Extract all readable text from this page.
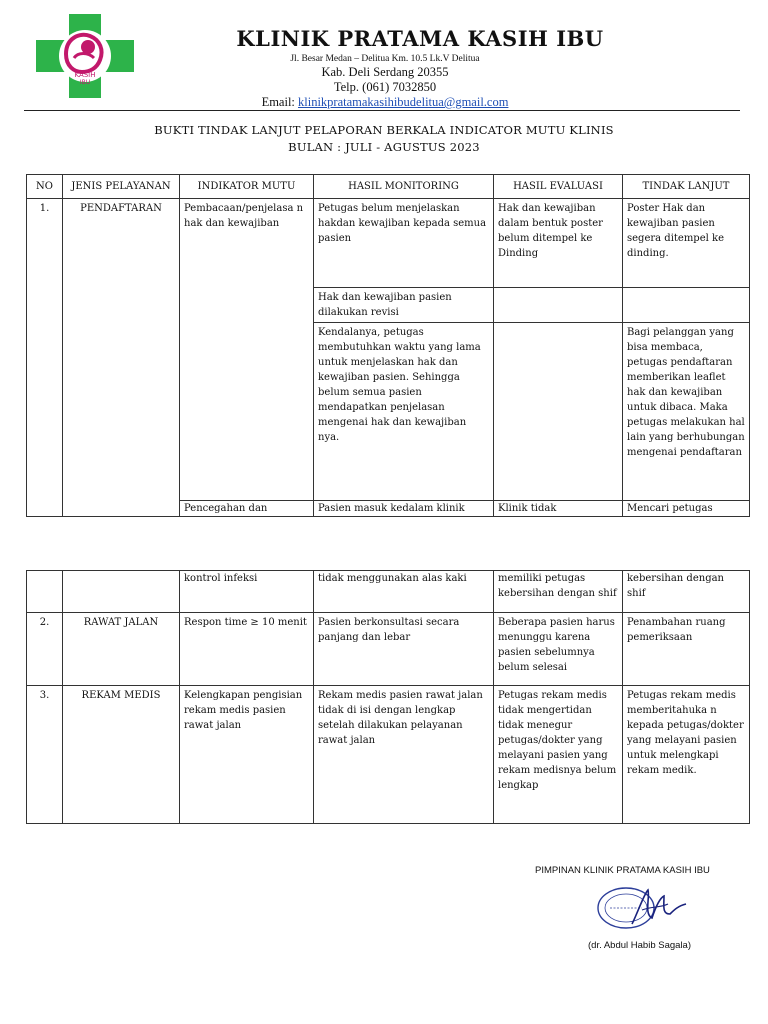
KASIH
IBU
KLINIK PRATAMA KASIH IBU
Jl. Besar Medan – Delitua Km. 10.5 Lk.V Delitua
Kab. Deli Serdang 20355
Telp. (061) 7032850
Email: klinikpratamakasihibudelitua@gmail.com
BUKTI TINDAK LANJUT PELAPORAN BERKALA INDICATOR MUTU KLINIS
BULAN : JULI - AGUSTUS 2023
NO	JENIS PELAYANAN	INDIKATOR MUTU	HASIL MONITORING	HASIL EVALUASI	TINDAK LANJUT
1.	PENDAFTARAN	Pembacaan/penjelasa n hak dan kewajiban	Petugas belum menjelaskan hakdan kewajiban kepada semua pasien	Hak dan kewajiban dalam bentuk poster belum ditempel ke Dinding	Poster Hak dan kewajiban pasien segera ditempel ke dinding.
			Hak dan kewajiban pasien dilakukan revisi		
			Kendalanya, petugas membutuhkan waktu yang lama untuk menjelaskan hak dan kewajiban pasien. Sehingga belum semua pasien mendapatkan penjelasan mengenai hak dan kewajiban nya.		Bagi pelanggan yang bisa membaca, petugas pendaftaran memberikan leaflet hak dan kewajiban untuk dibaca. Maka petugas melakukan hal lain yang berhubungan mengenai pendaftaran
		Pencegahan dan	Pasien masuk kedalam klinik	Klinik tidak	Mencari petugas
		kontrol infeksi	tidak menggunakan alas kaki	memiliki petugas kebersihan dengan shif	kebersihan dengan shif
2.	RAWAT JALAN	Respon time ≥ 10 menit	Pasien berkonsultasi secara panjang dan lebar	Beberapa pasien harus menunggu karena pasien sebelumnya belum selesai	Penambahan ruang pemeriksaan
3.	REKAM MEDIS	Kelengkapan pengisian rekam medis pasien rawat jalan	Rekam medis pasien rawat jalan tidak di isi dengan lengkap setelah dilakukan pelayanan rawat jalan	Petugas rekam medis tidak mengertidan tidak menegur petugas/dokter yang melayani pasien yang rekam medisnya belum lengkap	Petugas rekam medis memberitahuka n kepada petugas/dokter yang melayani pasien untuk melengkapi rekam medik.
PIMPINAN KLINIK PRATAMA KASIH IBU
(dr. Abdul Habib Sagala)
